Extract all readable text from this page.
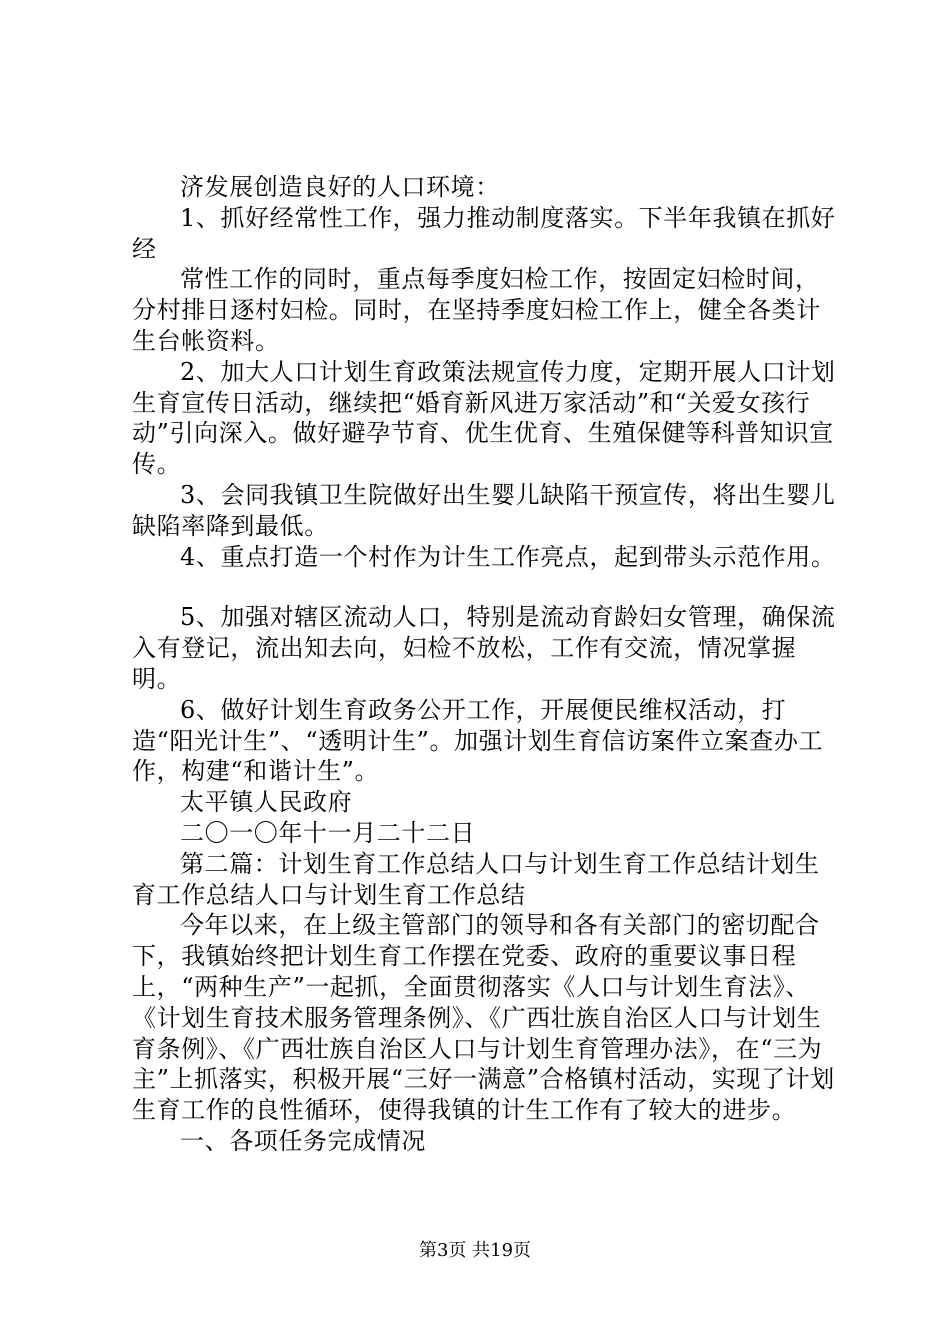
济发展创造良好的人口环境：

1、抓好经常性工作，强力推动制度落实。下半年我镇在抓好经

常性工作的同时，重点每季度妇检工作，按固定妇检时间，分村排日逐村妇检。同时，在坚持季度妇检工作上，健全各类计生台帐资料。

2、加大人口计划生育政策法规宣传力度，定期开展人口计划生育宣传日活动，继续把“婚育新风进万家活动”和“关爱女孩行动”引向深入。做好避孕节育、优生优育、生殖保健等科普知识宣传。

3、会同我镇卫生院做好出生婴儿缺陷干预宣传，将出生婴儿缺陷率降到最低。

4、重点打造一个村作为计生工作亮点，起到带头示范作用。

5、加强对辖区流动人口，特别是流动育龄妇女管理，确保流入有登记，流出知去向，妇检不放松，工作有交流，情况掌握明。

6、做好计划生育政务公开工作，开展便民维权活动，打造“阳光计生”、“透明计生”。加强计划生育信访案件立案查办工作，构建“和谐计生”。

太平镇人民政府

二〇一〇年十一月二十二日

第二篇：计划生育工作总结人口与计划生育工作总结计划生育工作总结人口与计划生育工作总结

今年以来，在上级主管部门的领导和各有关部门的密切配合下，我镇始终把计划生育工作摆在党委、政府的重要议事日程上，“两种生产”一起抓，全面贯彻落实《人口与计划生育法》、《计划生育技术服务管理条例》、《广西壮族自治区人口与计划生育条例》、《广西壮族自治区人口与计划生育管理办法》，在“三为主”上抓落实，积极开展“三好一满意”合格镇村活动，实现了计划生育工作的良性循环，使得我镇的计生工作有了较大的进步。

一、各项任务完成情况

第3页 共19页
